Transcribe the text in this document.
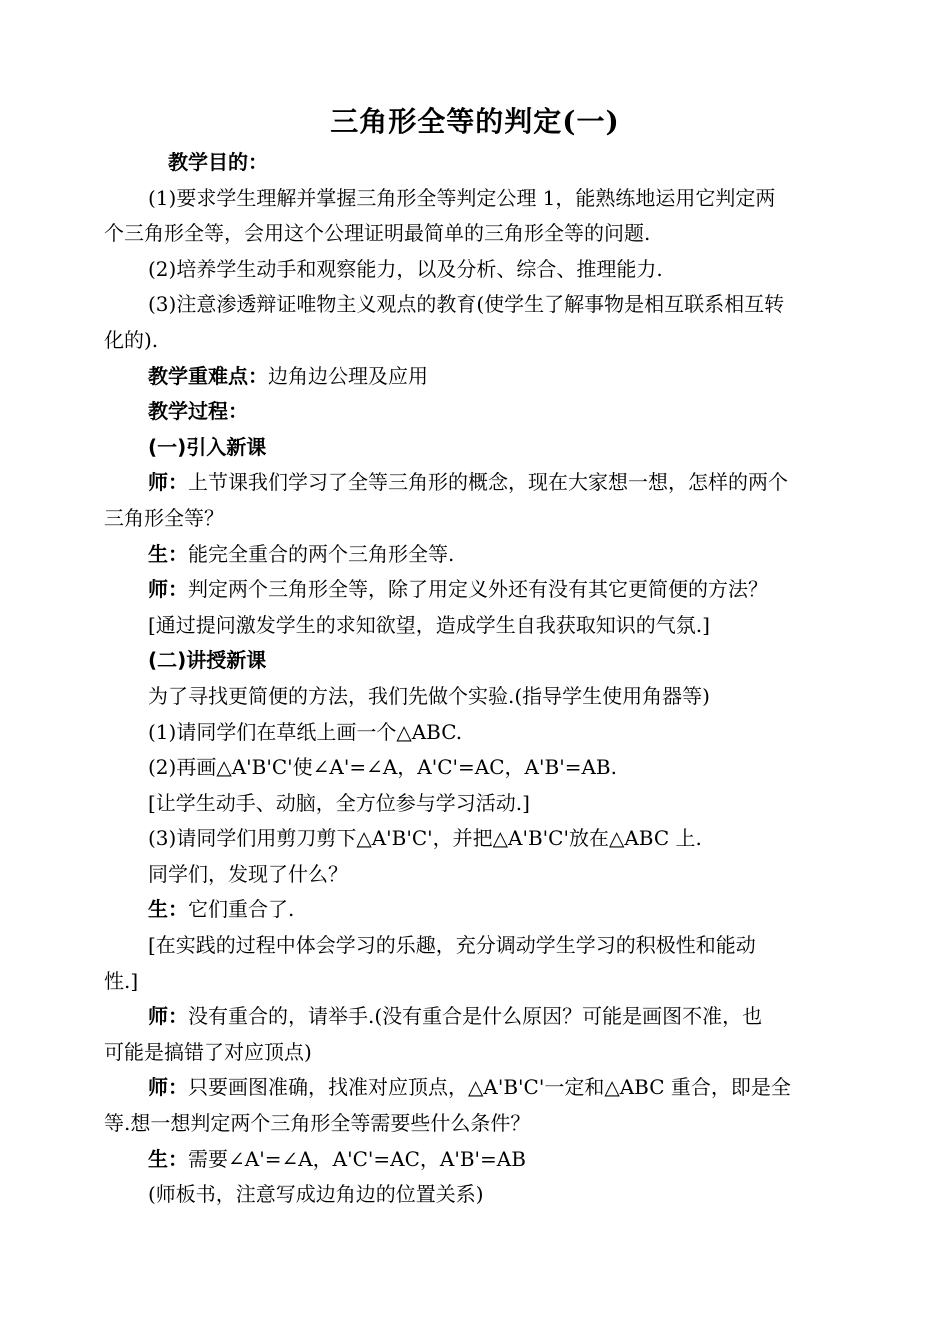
三角形全等的判定(一)
教学目的：
(1)要求学生理解并掌握三角形全等判定公理 1，能熟练地运用它判定两
个三角形全等，会用这个公理证明最简单的三角形全等的问题.
(2)培养学生动手和观察能力，以及分析、综合、推理能力.
(3)注意渗透辩证唯物主义观点的教育(使学生了解事物是相互联系相互转
化的).
教学重难点：边角边公理及应用
教学过程：
(一)引入新课
师：上节课我们学习了全等三角形的概念，现在大家想一想，怎样的两个
三角形全等？
生：能完全重合的两个三角形全等.
师：判定两个三角形全等，除了用定义外还有没有其它更简便的方法？
[通过提问激发学生的求知欲望，造成学生自我获取知识的气氛.]
(二)讲授新课
为了寻找更简便的方法，我们先做个实验.(指导学生使用角器等)
(1)请同学们在草纸上画一个△ABC.
(2)再画△A'B'C'使∠A'=∠A，A'C'=AC，A'B'=AB.
[让学生动手、动脑，全方位参与学习活动.]
(3)请同学们用剪刀剪下△A'B'C'，并把△A'B'C'放在△ABC 上.
同学们，发现了什么？
生：它们重合了.
[在实践的过程中体会学习的乐趣，充分调动学生学习的积极性和能动
性.]
师：没有重合的，请举手.(没有重合是什么原因？可能是画图不准，也
可能是搞错了对应顶点)
师：只要画图准确，找准对应顶点，△A'B'C'一定和△ABC 重合，即是全
等.想一想判定两个三角形全等需要些什么条件？
生：需要∠A'=∠A，A'C'=AC，A'B'=AB
(师板书，注意写成边角边的位置关系)
